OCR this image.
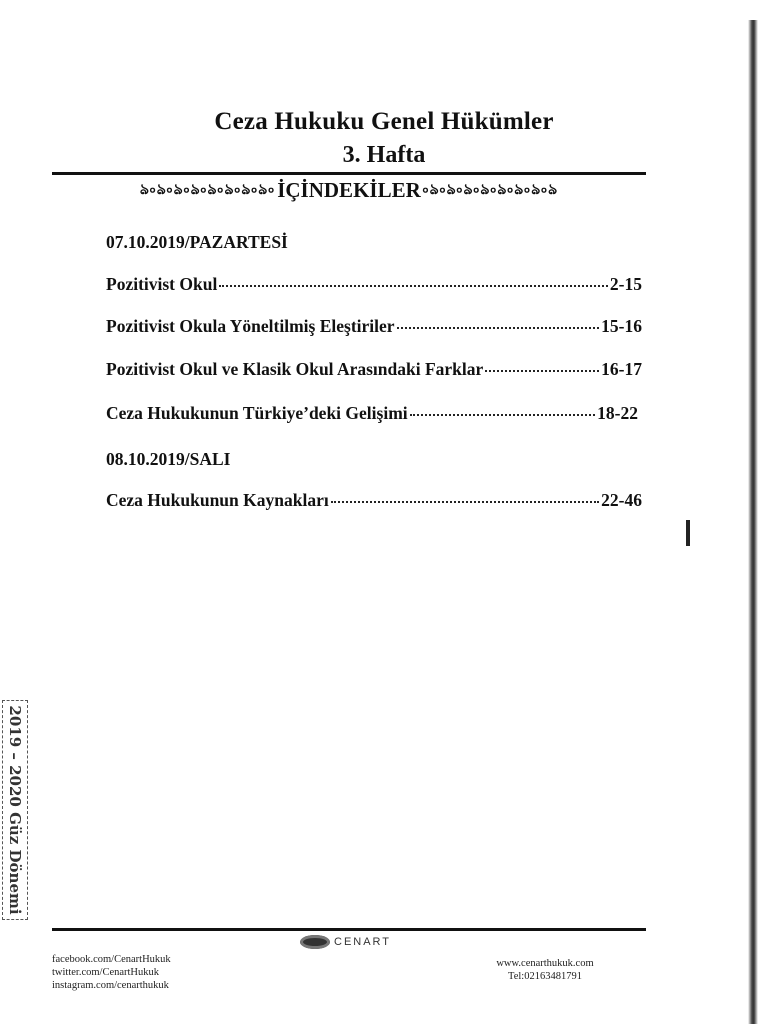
Ceza Hukuku Genel Hükümler
3. Hafta
ঌ৹ঌ৹ঌ৹ঌ৹ঌ৹ঌ৹ঌ৹ঌ৹ İÇİNDEKİLER ৹ঌ৹ঌ৹ঌ৹ঌ৹ঌ৹ঌ৹ঌ৹ঌ
07.10.2019/PAZARTESİ
Pozitivist Okul	2-15
Pozitivist Okula Yöneltilmiş Eleştiriler	15-16
Pozitivist Okul ve Klasik Okul Arasındaki Farklar	16-17
Ceza Hukukunun Türkiye’deki Gelişimi	18-22
08.10.2019/SALI
Ceza Hukukunun Kaynakları	22-46
2019 – 2020 Güz Dönemi
CENART
facebook.com/CenartHukuk
twitter.com/CenartHukuk
instagram.com/cenarthukuk
www.cenarthukuk.com
Tel:02163481791
